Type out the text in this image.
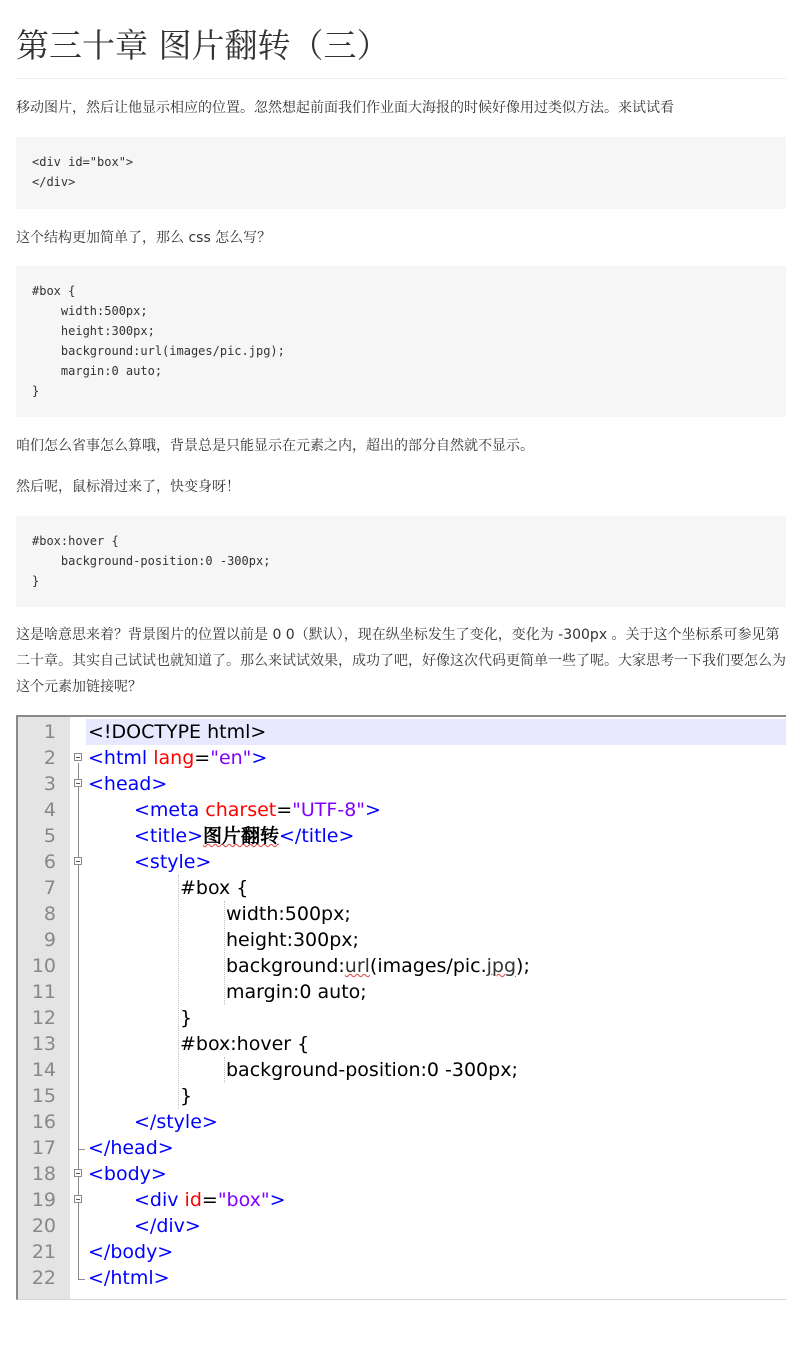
第三十章 图片翻转（三）

移动图片，然后让他显示相应的位置。忽然想起前面我们作业面大海报的时候好像用过类似方法。来试试看

<div id="box">
</div>

这个结构更加简单了，那么 css 怎么写？

#box {
width:500px;
height:300px;
background:url(images/pic.jpg);
margin:0 auto;
}

咱们怎么省事怎么算哦，背景总是只能显示在元素之内，超出的部分自然就不显示。

然后呢，鼠标滑过来了，快变身呀！

#box:hover {
background-position:0 -300px;
}

这是啥意思来着？背景图片的位置以前是 0 0（默认），现在纵坐标发生了变化，变化为 -300px 。关于这个坐标系可参见第二十章。其实自己试试也就知道了。那么来试试效果，成功了吧，好像这次代码更简单一些了呢。大家思考一下我们要怎么为这个元素加链接呢？

1 <!DOCTYPE html>
2 <html lang="en">
3 <head>
4	<meta charset="UTF-8">
5	<title>图片翻转</title>
6	<style>
7	#box {
8	width:500px;
9	height:300px;
10	background:url(images/pic.jpg);
11	margin:0 auto;
12	}
13	#box:hover {
14	background-position:0 -300px;
15	}
16	</style>
17 </head>
18 <body>
19	<div id="box">
20	</div>
21 </body>
22 </html>
